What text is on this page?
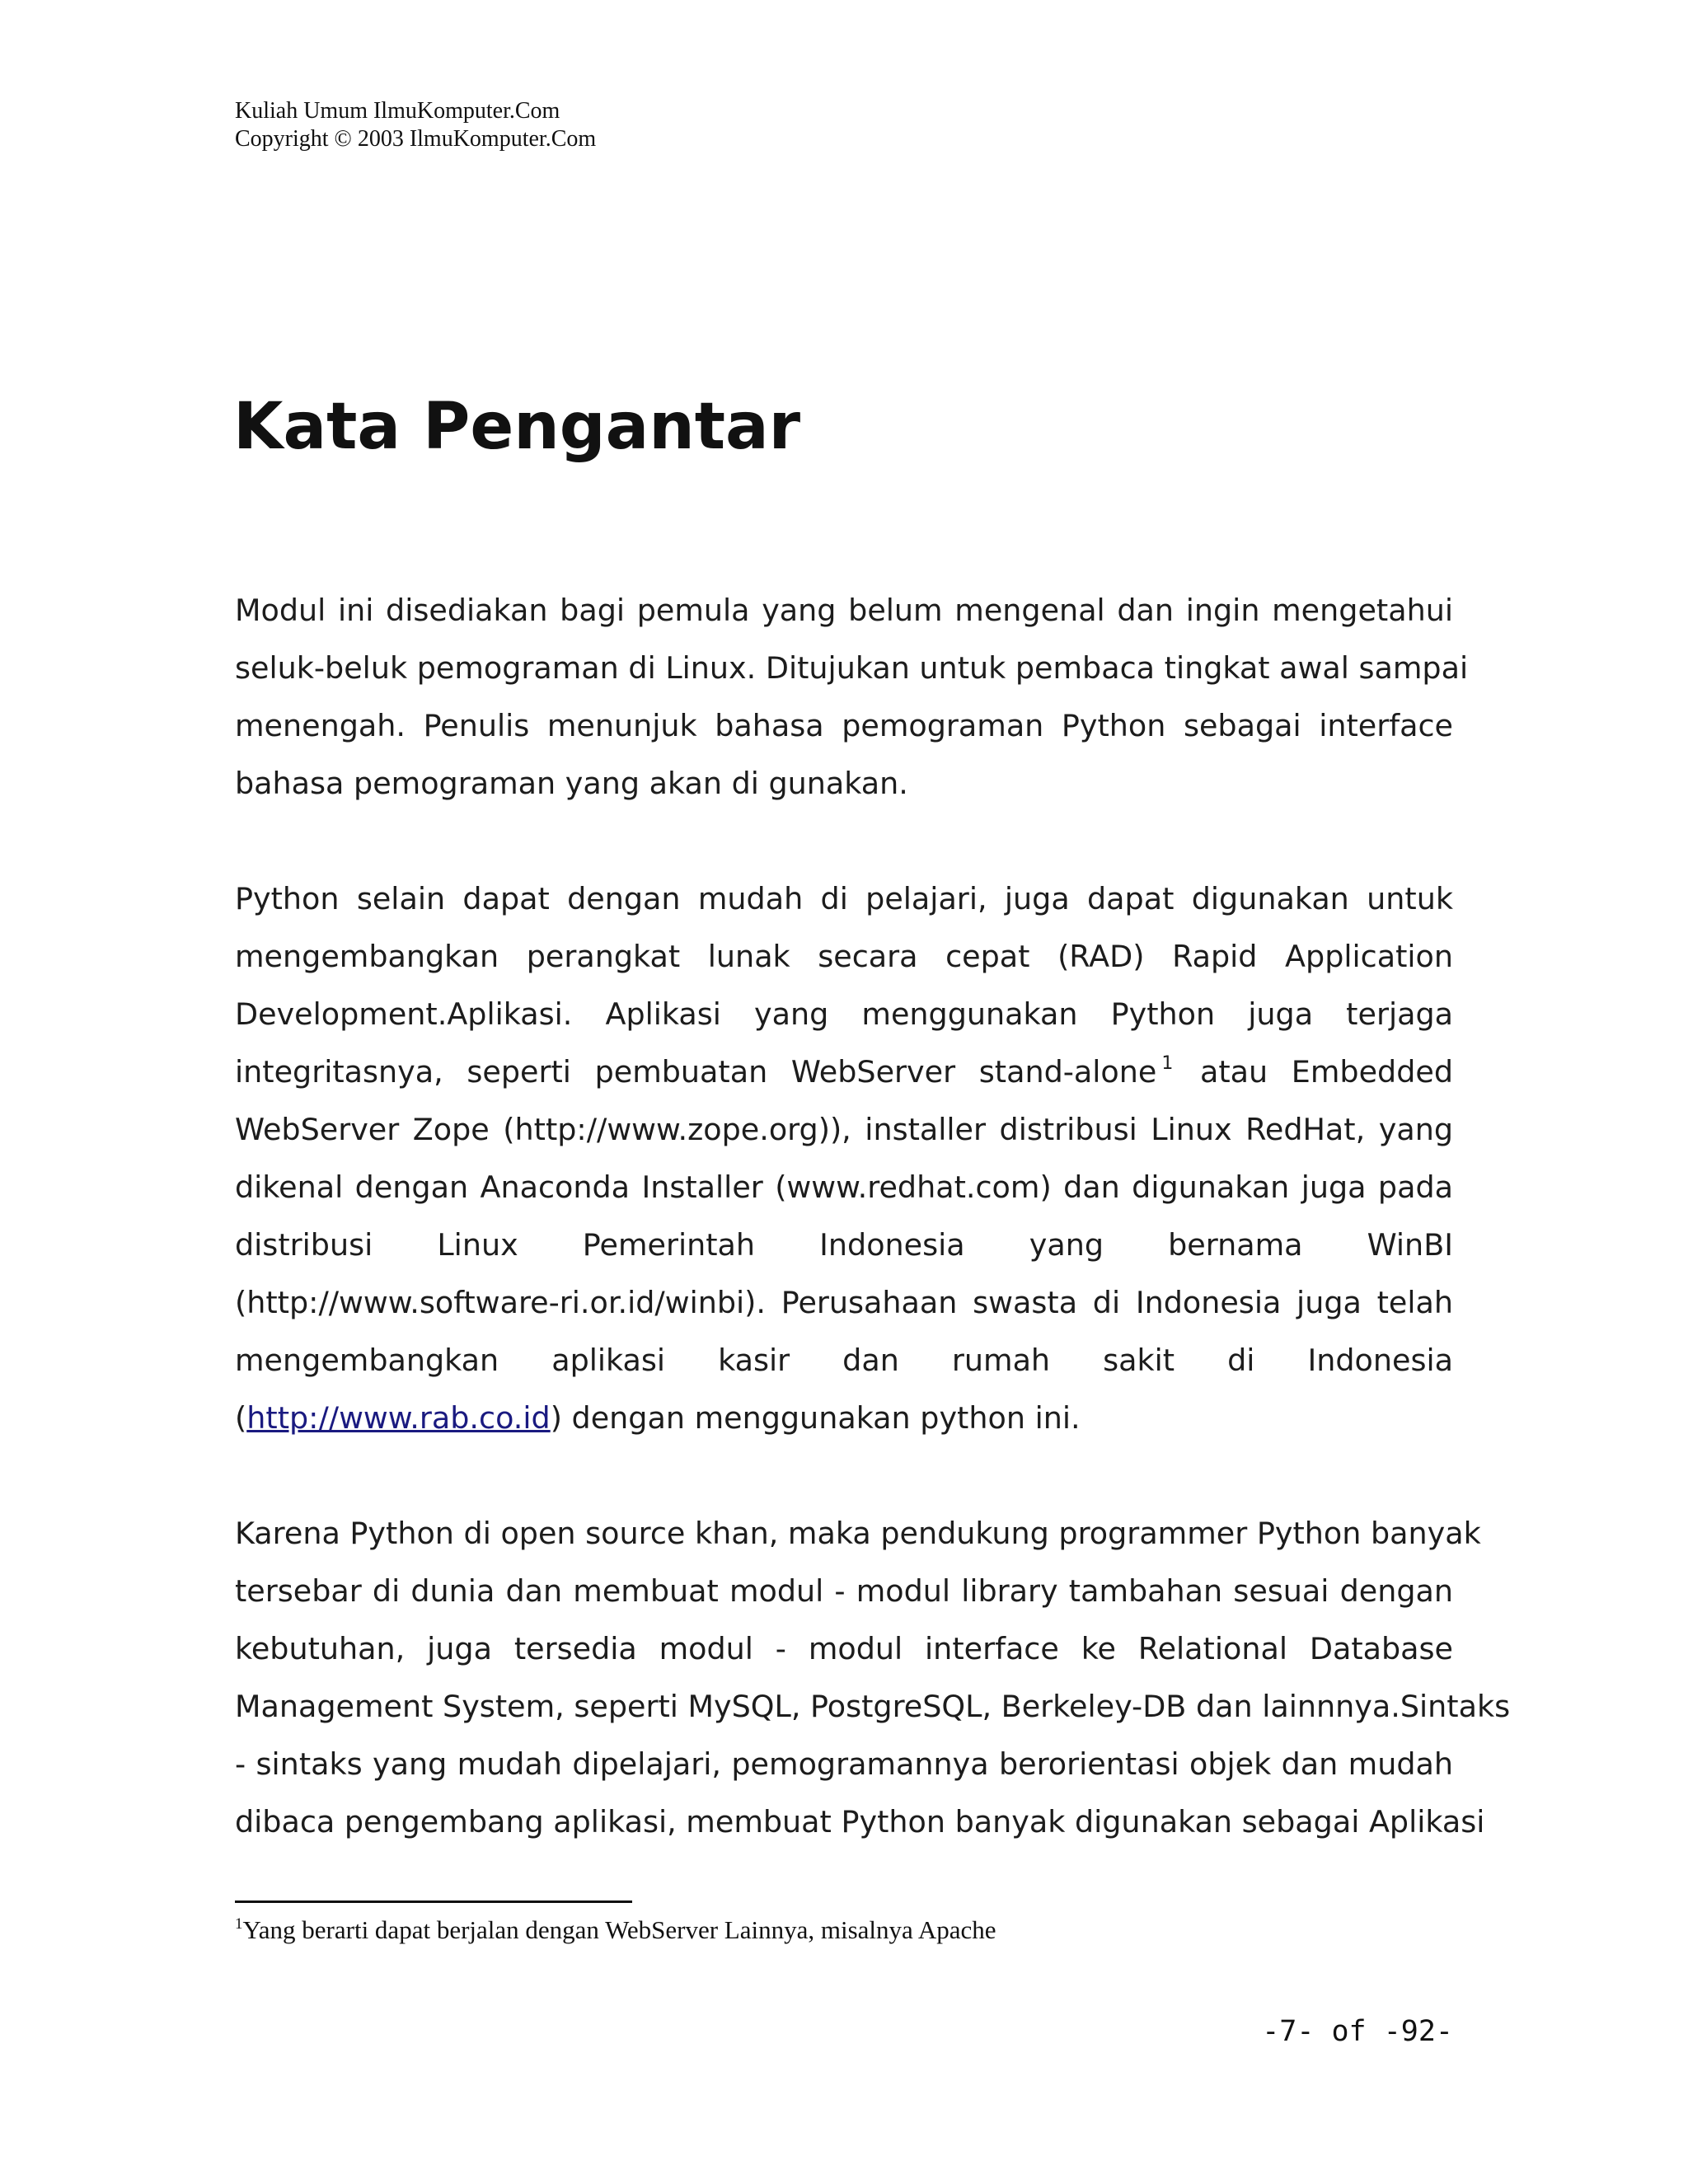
Kuliah Umum IlmuKomputer.Com
Copyright © 2003 IlmuKomputer.Com
Kata Pengantar
Modul ini disediakan bagi pemula yang belum mengenal dan ingin mengetahui
seluk-beluk pemograman di Linux. Ditujukan untuk pembaca tingkat awal sampai
menengah. Penulis menunjuk bahasa pemograman Python sebagai interface
bahasa pemograman yang akan di gunakan.
Python selain dapat dengan mudah di pelajari, juga dapat digunakan untuk
mengembangkan perangkat lunak secara cepat (RAD) Rapid Application
Development.Aplikasi. Aplikasi yang menggunakan Python juga terjaga
integritasnya, seperti pembuatan WebServer stand-alone $^1$ atau Embedded
WebServer Zope (http://www.zope.org)), installer distribusi Linux RedHat, yang
dikenal dengan Anaconda Installer (www.redhat.com) dan digunakan juga pada
distribusi Linux Pemerintah Indonesia yang bernama WinBI
(http://www.software-ri.or.id/winbi). Perusahaan swasta di Indonesia juga telah
mengembangkan aplikasi kasir dan rumah sakit di Indonesia
(http://www.rab.co.id) dengan menggunakan python ini.
Karena Python di open source khan, maka pendukung programmer Python banyak
tersebar di dunia dan membuat modul - modul library tambahan sesuai dengan
kebutuhan, juga tersedia modul - modul interface ke Relational Database
Management System, seperti MySQL, PostgreSQL, Berkeley-DB dan lainnnya.Sintaks
- sintaks yang mudah dipelajari, pemogramannya berorientasi objek dan mudah
dibaca pengembang aplikasi, membuat Python banyak digunakan sebagai Aplikasi
$^1$Yang berarti dapat berjalan dengan WebServer Lainnya, misalnya Apache
-7- of -92-
